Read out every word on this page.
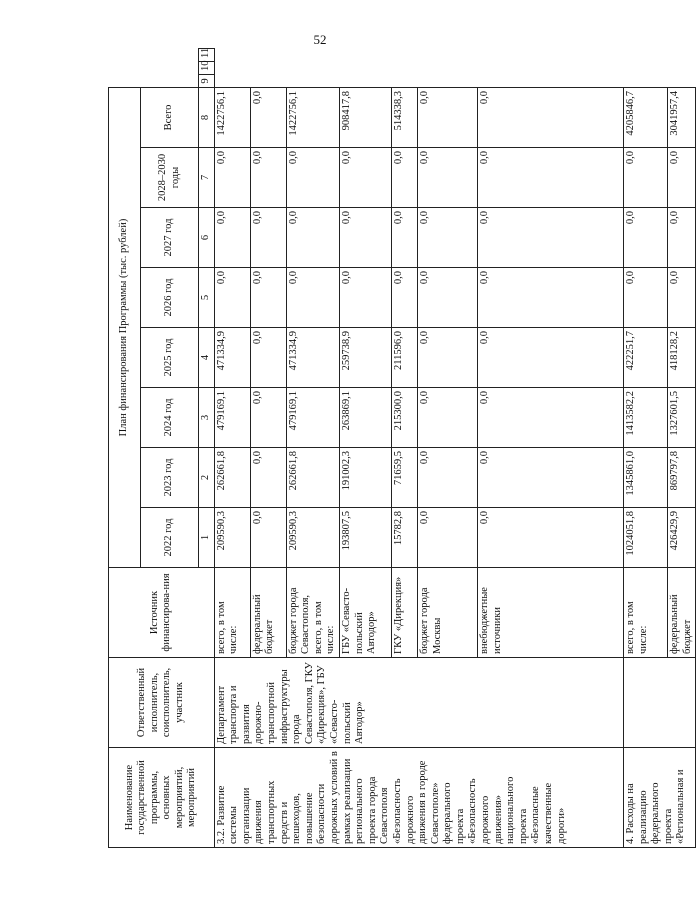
52
Наименование государственной программы, основных мероприятий, мероприятий	Ответственный исполнитель, соисполнитель, участник	Источник финансирова-ния	План финансирования Программы (тыс. рублей)										
			2022 год	2023 год	2024 год	2025 год	2026 год	2027 год	2028–2030 годы	Всего			
			1	2	3	4	5	6	7	8	9	10	11
3.2. Развитие системы организации движения транспортных средств и пешеходов, повышение безопасности дорожных условий в рамках реализации регионального проекта города Севастополя «Безопасность дорожного движения в городе Севастополе» федерального проекта «Безопасность дорожного движения» национального проекта «Безопасные качественные дороги»	Департамент транспорта и развития дорожно-транспортной инфраструктуры города Севастополя, ГКУ «Дирекция», ГБУ «Севасто-польский Автодор»	всего, в том числе:	209590,3	262661,8	479169,1	471334,9	0,0	0,0	0,0	1422756,1			
		федеральный бюджет	0,0	0,0	0,0	0,0	0,0	0,0	0,0	0,0			
		бюджет города Севастополя, всего, в том числе:	209590,3	262661,8	479169,1	471334,9	0,0	0,0	0,0	1422756,1			
		ГБУ «Севасто-польский Автодор»	193807,5	191002,3	263869,1	259738,9	0,0	0,0	0,0	908417,8			
		ГКУ «Дирекция»	15782,8	71659,5	215300,0	211596,0	0,0	0,0	0,0	514338,3			
		бюджет города Москвы	0,0	0,0	0,0	0,0	0,0	0,0	0,0	0,0			
		внебюджетные источники	0,0	0,0	0,0	0,0	0,0	0,0	0,0	0,0			
4. Расходы на реализацию федерального проекта «Региональная и		всего, в том числе:	1024051,8	1345861,0	1413582,2	422251,7	0,0	0,0	0,0	4205846,7			
		федеральный бюджет	426429,9	869797,8	1327601,5	418128,2	0,0	0,0	0,0	3041957,4			
